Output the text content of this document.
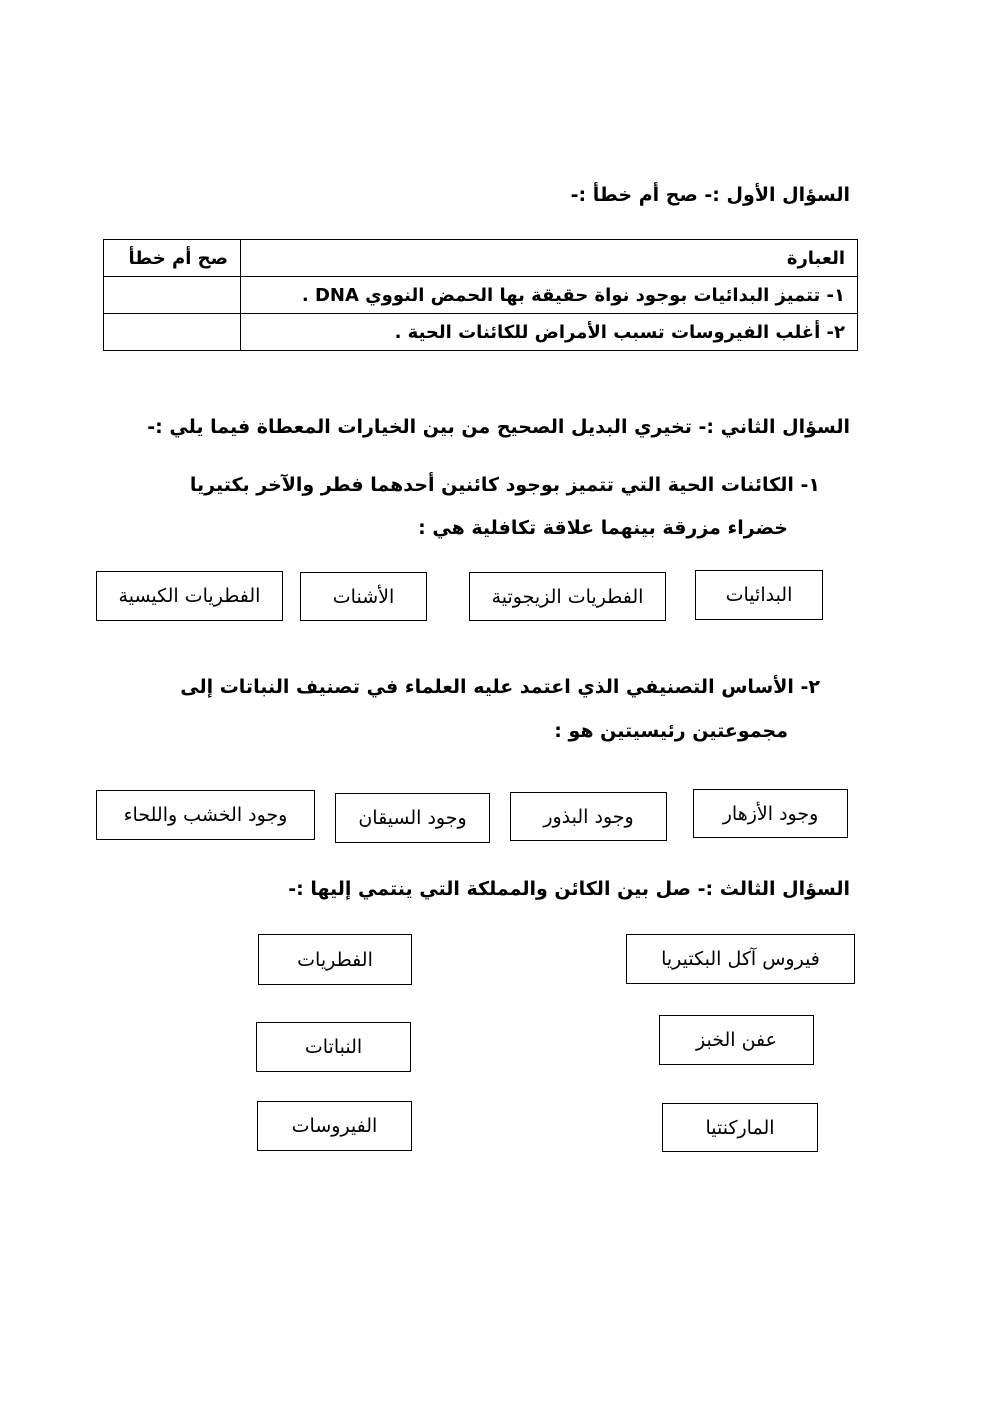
السؤال الأول :- صح أم خطأ :-
العبارة	صح أم خطأ
١- تتميز البدائيات بوجود نواة حقيقة بها الحمض النووي DNA .	
٢- أغلب الفيروسات تسبب الأمراض للكائنات الحية .	
السؤال الثاني :- تخيري البديل الصحيح من بين الخيارات المعطاة فيما يلي :-
١- الكائنات الحية التي تتميز بوجود كائنين أحدهما فطر والآخر بكتيريا
خضراء مزرقة بينهما علاقة تكافلية هي :
البدائيات
الفطريات الزيجوتية
الأشنات
الفطريات الكيسية
٢- الأساس التصنيفي الذي اعتمد عليه العلماء في تصنيف النباتات إلى
مجموعتين رئيسيتين هو :
وجود الأزهار
وجود البذور
وجود السيقان
وجود الخشب واللحاء
السؤال الثالث :- صل بين الكائن والمملكة التي ينتمي إليها :-
فيروس آكل البكتيريا
عفن الخبز
الماركنتيا
الفطريات
النباتات
الفيروسات
